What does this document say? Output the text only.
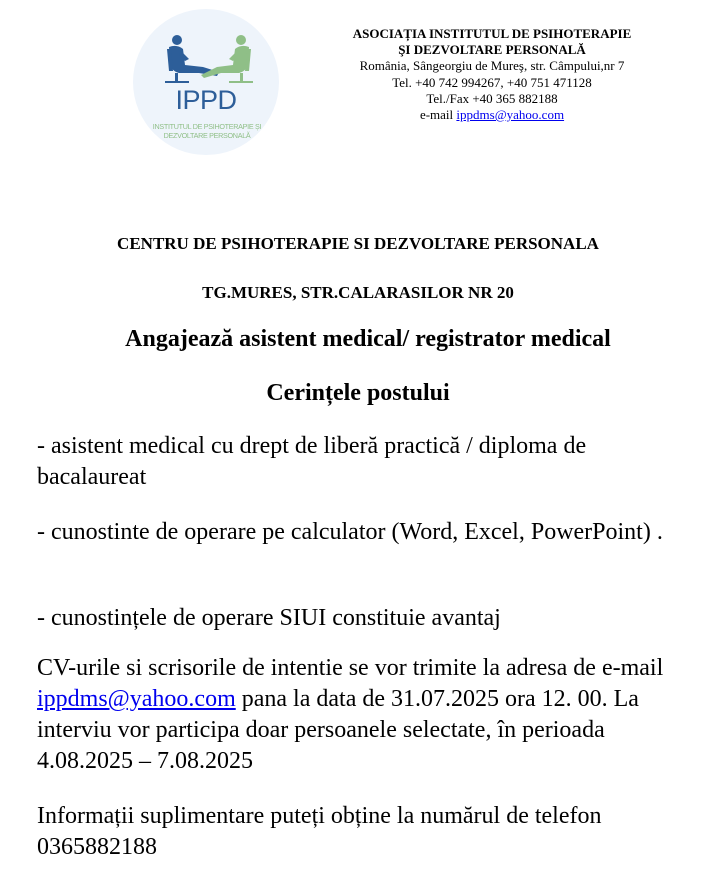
IPPD
INSTITUTUL DE PSIHOTERAPIE ȘI
DEZVOLTARE PERSONALĂ
ASOCIAȚIA INSTITUTUL DE PSIHOTERAPIE
ŞI DEZVOLTARE PERSONALĂ
România, Sângeorgiu de Mureş, str. Câmpului,nr 7
Tel. +40 742 994267, +40 751 471128
Tel./Fax +40 365 882188
e-mail ippdms@yahoo.com
CENTRU DE PSIHOTERAPIE SI DEZVOLTARE PERSONALA
TG.MURES, STR.CALARASILOR NR 20
Angajează asistent medical/ registrator medical
Cerințele postului
- asistent medical cu drept de liberă practică / diploma de bacalaureat
- cunostinte de operare pe calculator (Word, Excel, PowerPoint) .
- cunostințele de operare SIUI constituie avantaj
CV-urile si scrisorile de intentie se vor trimite la adresa de e-mail ippdms@yahoo.com pana la data de 31.07.2025 ora 12. 00. La interviu vor participa doar persoanele selectate, în perioada 4.08.2025 – 7.08.2025
Informații suplimentare puteți obține la numărul de telefon 0365882188
